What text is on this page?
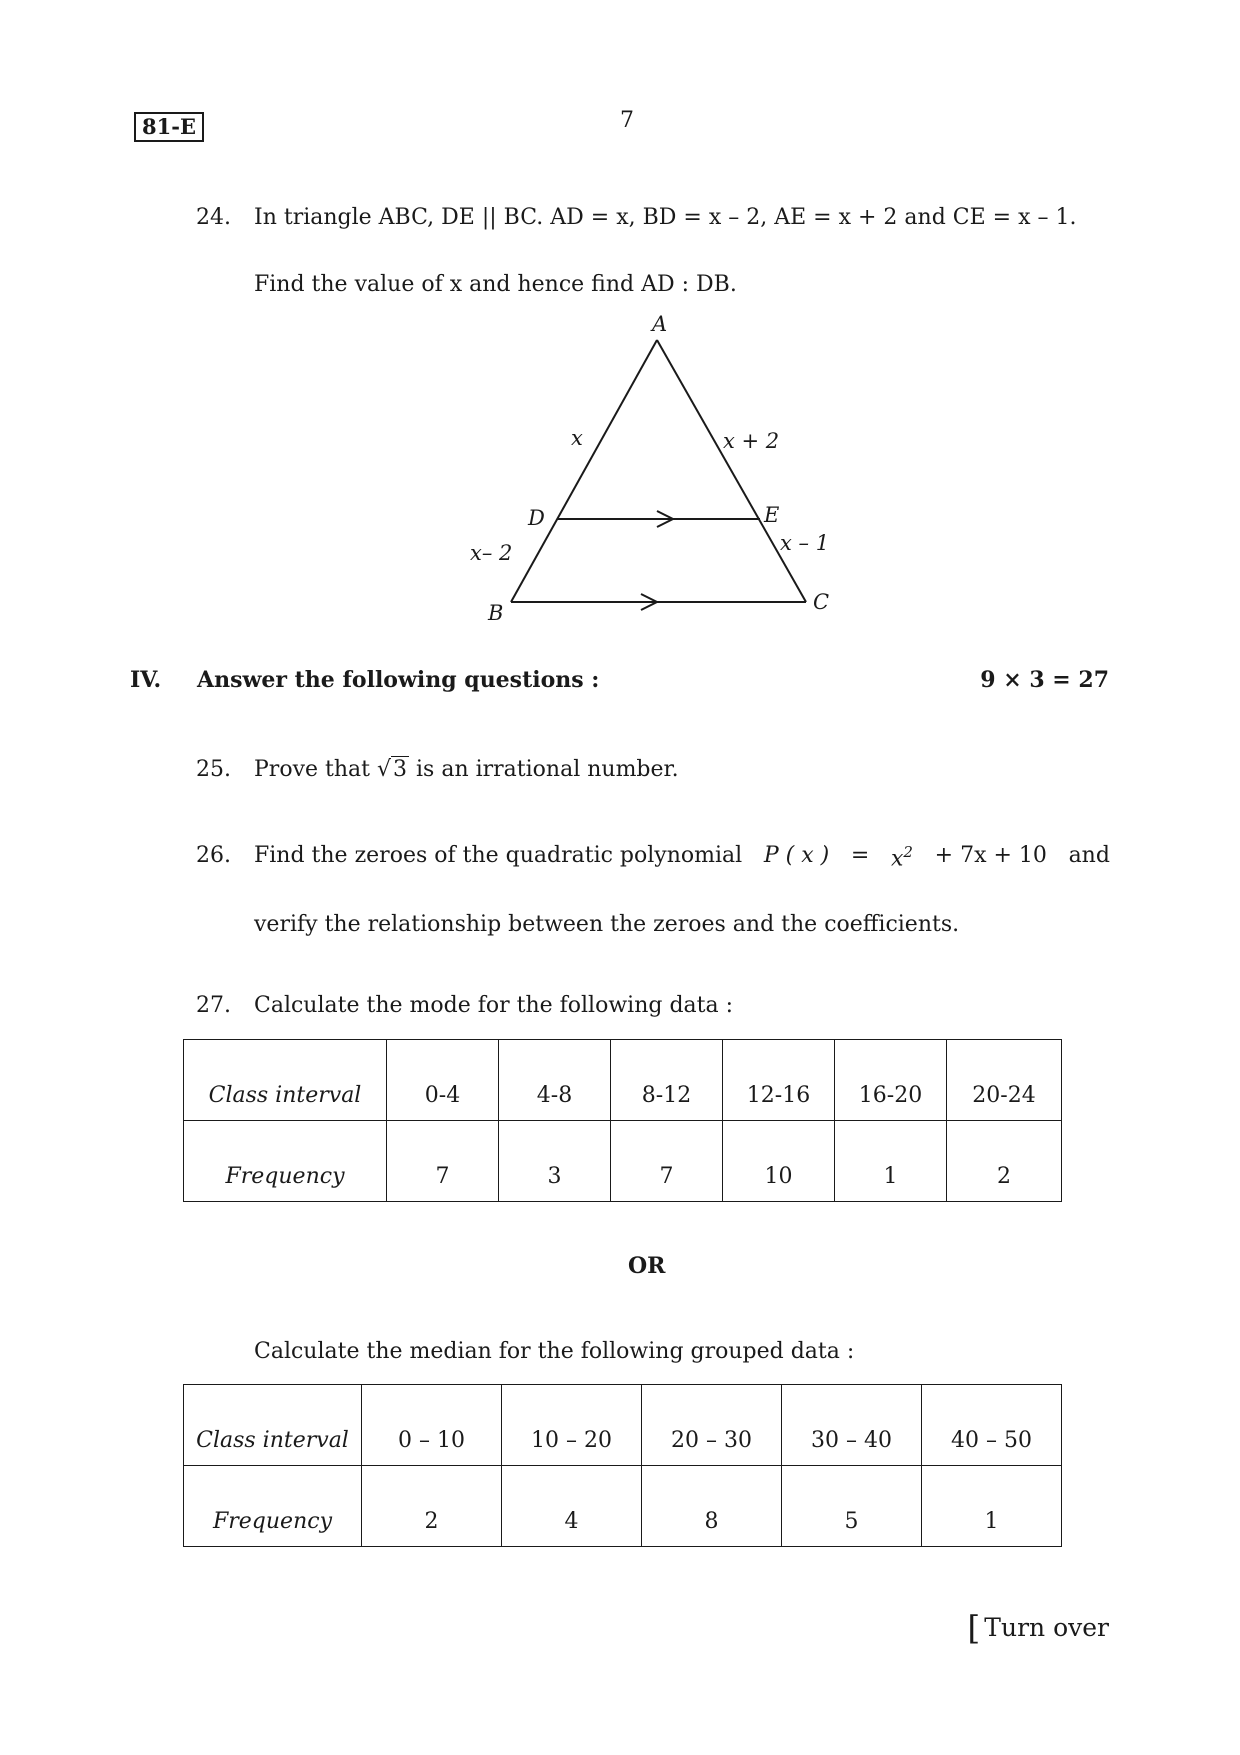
81-E	7
24. In triangle ABC, DE || BC. AD = x, BD = x – 2, AE = x + 2 and CE = x – 1.
Find the value of x and hence find AD : DB.
A
B	C
D	E
x	x + 2
x– 2	x – 1
IV. Answer the following questions :	9 × 3 = 27
25. Prove that √3 is an irrational number.
26. Find the zeroes of the quadratic polynomial P ( x ) = $x^2 + 7x + 10$ and
verify the relationship between the zeroes and the coefficients.
27. Calculate the mode for the following data :
Class interval	0-4	4-8	8-12	12-16	16-20	20-24
Frequency	7	3	7	10	1	2
OR
Calculate the median for the following grouped data :
Class interval	0 – 10	10 – 20	20 – 30	30 – 40	40 – 50
Frequency	2	4	8	5	1
[ Turn over
